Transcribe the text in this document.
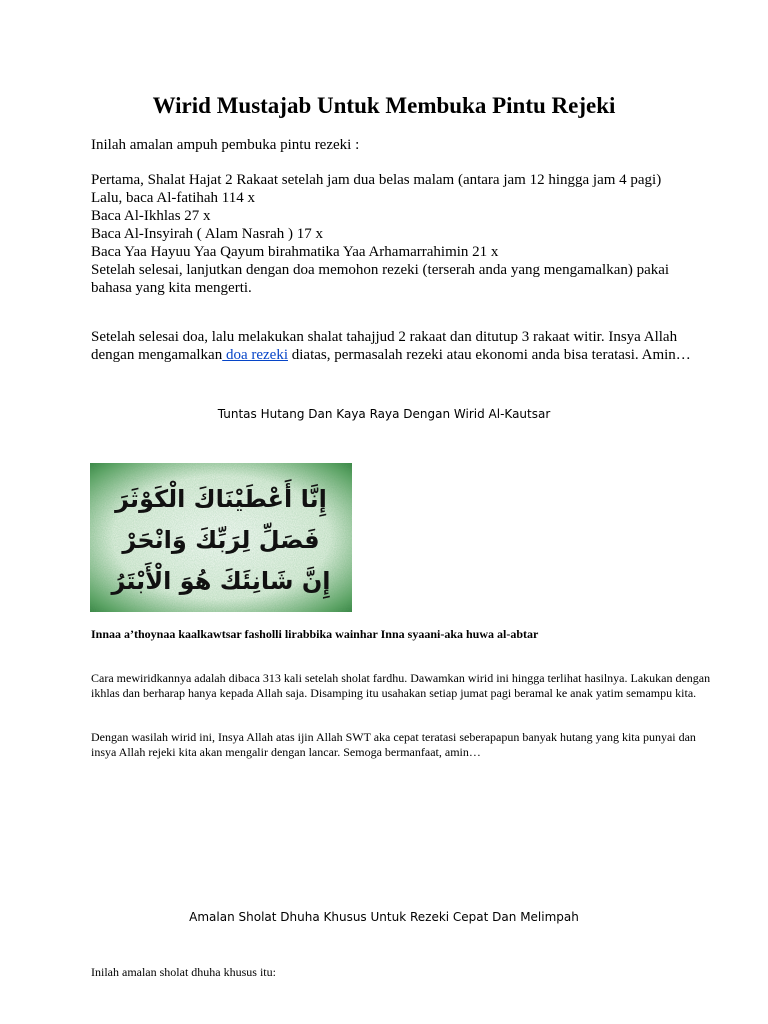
Wirid Mustajab Untuk Membuka Pintu Rejeki
Inilah amalan ampuh pembuka pintu rezeki :

Pertama, Shalat Hajat 2 Rakaat setelah jam dua belas malam (antara jam 12 hingga jam 4 pagi)

Lalu, baca Al-fatihah 114 x

Baca Al-Ikhlas 27 x

Baca Al-Insyirah ( Alam Nasrah ) 17 x

Baca Yaa Hayuu Yaa Qayum birahmatika Yaa Arhamarrahimin 21 x

Setelah selesai, lanjutkan dengan doa memohon rezeki (terserah anda yang mengamalkan) pakai bahasa yang kita mengerti.

Setelah selesai doa, lalu melakukan shalat tahajjud 2 rakaat dan ditutup 3 rakaat witir. Insya Allah dengan mengamalkan doa rezeki diatas, permasalah rezeki atau ekonomi anda bisa teratasi. Amin…

Tuntas Hutang Dan Kaya Raya Dengan Wirid Al-Kautsar
إِنَّا أَعْطَيْنَاكَ الْكَوْثَرَ
فَصَلِّ لِرَبِّكَ وَانْحَرْ
إِنَّ شَانِئَكَ هُوَ الْأَبْتَرُ
Innaa a’thoynaa kaalkawtsar fasholli lirabbika wainhar Inna syaani-aka huwa al-abtar

Cara mewiridkannya adalah dibaca 313 kali setelah sholat fardhu. Dawamkan wirid ini hingga terlihat hasilnya. Lakukan dengan ikhlas dan berharap hanya kepada Allah saja. Disamping itu usahakan setiap jumat pagi beramal ke anak yatim semampu kita.

Dengan wasilah wirid ini, Insya Allah atas ijin Allah SWT aka cepat teratasi seberapapun banyak hutang yang kita punyai dan insya Allah rejeki kita akan mengalir dengan lancar. Semoga bermanfaat, amin…

Amalan Sholat Dhuha Khusus Untuk Rezeki Cepat Dan Melimpah
Inilah amalan sholat dhuha khusus itu:
